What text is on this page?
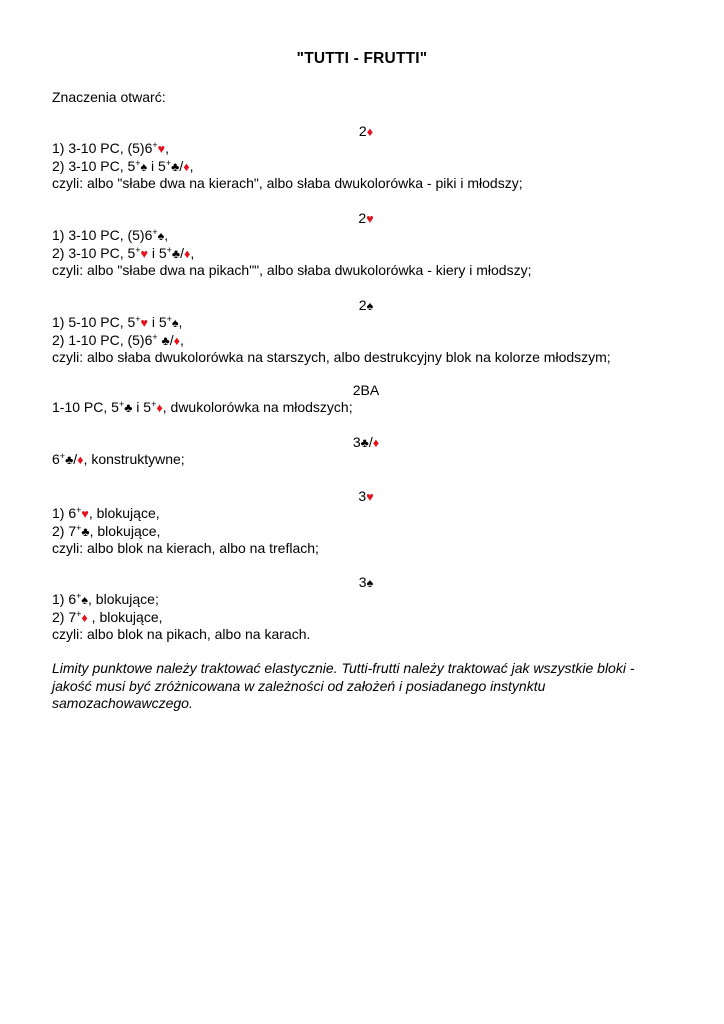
"TUTTI - FRUTTI"
Znaczenia otwarć:
2♦
1) 3-10 PC, (5)6+♥,
2) 3-10 PC, 5+♠ i 5+♣/♦,
czyli: albo "słabe dwa na kierach", albo słaba dwukolorówka - piki i młodszy;
2♥
1) 3-10 PC, (5)6+♠,
2) 3-10 PC, 5+♥ i 5+♣/♦,
czyli: albo "słabe dwa na pikach"", albo słaba dwukolorówka - kiery i młodszy;
2♠
1) 5-10 PC, 5+♥ i 5+♠,
2) 1-10 PC, (5)6+ ♣/♦,
czyli: albo słaba dwukolorówka na starszych, albo destrukcyjny blok na kolorze młodszym;
2BA
1-10 PC, 5+♣ i 5+♦, dwukolorówka na młodszych;
3♣/♦
6+♣/♦, konstruktywne;
3♥
1) 6+♥, blokujące,
2) 7+♣, blokujące,
czyli: albo blok na kierach, albo na treflach;
3♠
1) 6+♠, blokujące;
2) 7+♦ , blokujące,
czyli: albo blok na pikach, albo na karach.
Limity punktowe należy traktować elastycznie. Tutti-frutti należy traktować jak wszystkie bloki - jakość musi być zróżnicowana w zależności od założeń i posiadanego instynktu samozachowawczego.
